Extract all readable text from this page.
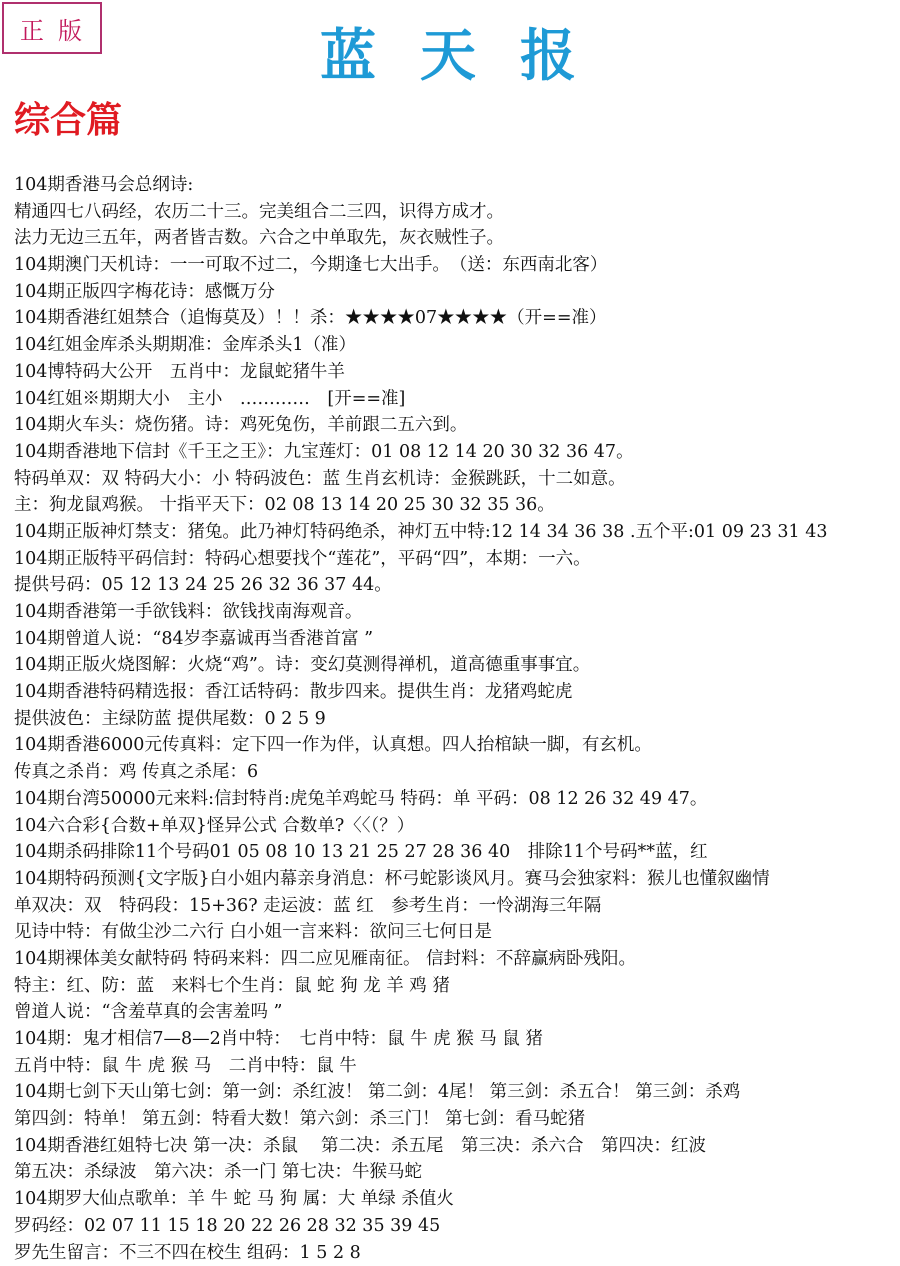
正版	蓝天报
综合篇
104期香港马会总纲诗:
精通四七八码经，农历二十三。完美组合二三四，识得方成才。
法力无边三五年，两者皆吉数。六合之中单取先，灰衣贼性子。
104期澳门天机诗：一一可取不过二，今期逢七大出手。　（送：东西南北客）
104期正版四字梅花诗：感慨万分
104期香港红姐禁合（追悔莫及）！！杀：★★★★07★★★★（开==准）
104红姐金库杀头期期准：金库杀头1（准）
104博特码大公开　五肖中：龙鼠蛇猪牛羊
104红姐※期期大小　主小　…………　[开==准]
104期火车头：烧伤猪。诗：鸡死兔伤，羊前跟二五六到。
104期香港地下信封《千王之王》：九宝莲灯：01 08 12 14 20 30 32 36 47。
特码单双：双 特码大小：小 特码波色：蓝 生肖玄机诗：金猴跳跃，十二如意。
主：狗龙鼠鸡猴。 十指平天下：02 08 13 14 20 25 30 32 35 36。
104期正版神灯禁支：猪兔。此乃神灯特码绝杀，神灯五中特:12 14 34 36 38 .五个平:01 09 23 31 43
104期正版特平码信封：特码心想要找个“莲花”，平码“四”，本期：一六。
提供号码：05 12 13 24 25 26 32 36 37 44。
104期香港第一手欲钱料：欲钱找南海观音。
104期曾道人说：“84岁李嘉诚再当香港首富 ”
104期正版火烧图解：火烧“鸡”。诗：变幻莫测得禅机，道高德重事事宜。
104期香港特码精选报：香江话特码：散步四来。提供生肖：龙猪鸡蛇虎
提供波色：主绿防蓝 提供尾数：0 2 5 9
104期香港6000元传真料：定下四一作为伴，认真想。四人抬棺缺一脚，有玄机。
传真之杀肖：鸡 传真之杀尾：6
104期台湾50000元来料:信封特肖:虎兔羊鸡蛇马 特码：单 平码：08 12 26 32 49 47。
104六合彩{合数+单双}怪异公式 合数单?〈〈（？）
104期杀码排除11个号码01 05 08 10 13 21 25 27 28 36 40　排除11个号码**蓝，红
104期特码预测{文字版}白小姐内幕亲身消息：杯弓蛇影谈风月。赛马会独家料：猴儿也懂叙幽情
单双决：双　特码段：15+36? 走运波：蓝 红　参考生肖：一怜湖海三年隔
见诗中特：有做尘沙二六行 白小姐一言来料：欲问三七何日是
104期裸体美女献特码 特码来料：四二应见雁南征。 信封料：不辞赢病卧残阳。
特主：红、防：蓝　来料七个生肖：鼠 蛇 狗 龙 羊 鸡 猪
曾道人说：“含羞草真的会害羞吗 ”
104期：鬼才相信7—8—2肖中特：　七肖中特：鼠 牛 虎 猴 马 鼠 猪
五肖中特：鼠 牛 虎 猴 马　二肖中特：鼠 牛
104期七剑下天山第七剑：第一剑：杀红波！ 第二剑：4尾！ 第三剑：杀五合！ 第三剑：杀鸡
第四剑：特单！ 第五剑：特看大数！第六剑：杀三门！ 第七剑：看马蛇猪
104期香港红姐特七决 第一决：杀鼠　 第二决：杀五尾　第三决：杀六合　第四决：红波
第五决：杀绿波　第六决：杀一门 第七决：牛猴马蛇
104期罗大仙点歌单：羊 牛 蛇 马 狗 属：大 单绿 杀值火
罗码经：02 07 11 15 18 20 22 26 28 32 35 39 45
罗先生留言：不三不四在校生 组码：1 5 2 8
